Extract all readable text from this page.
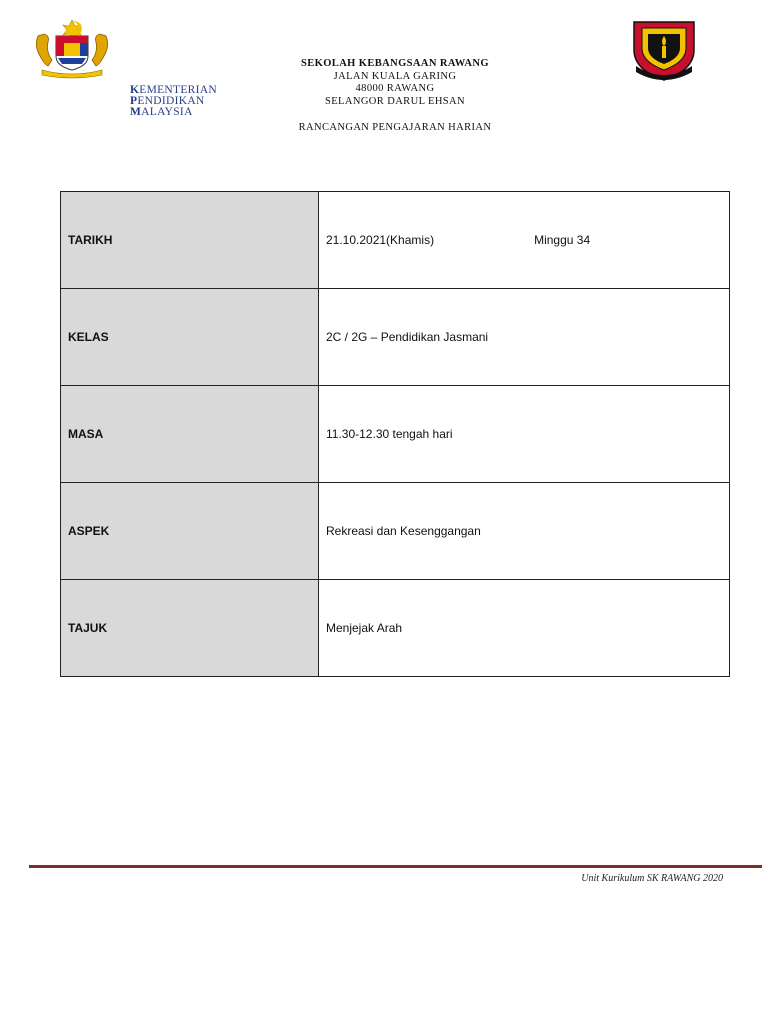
KEMENTERIAN
PENDIDIKAN
MALAYSIA
SEKOLAH KEBANGSAAN RAWANG
JALAN KUALA GARING
48000 RAWANG
SELANGOR DARUL EHSAN
RANCANGAN PENGAJARAN HARIAN
TARIKH	21.10.2021(Khamis) Minggu 34
KELAS	2C / 2G – Pendidikan Jasmani
MASA	11.30-12.30 tengah hari
ASPEK	Rekreasi dan Kesenggangan
TAJUK	Menjejak Arah
Unit Kurikulum SK RAWANG 2020
